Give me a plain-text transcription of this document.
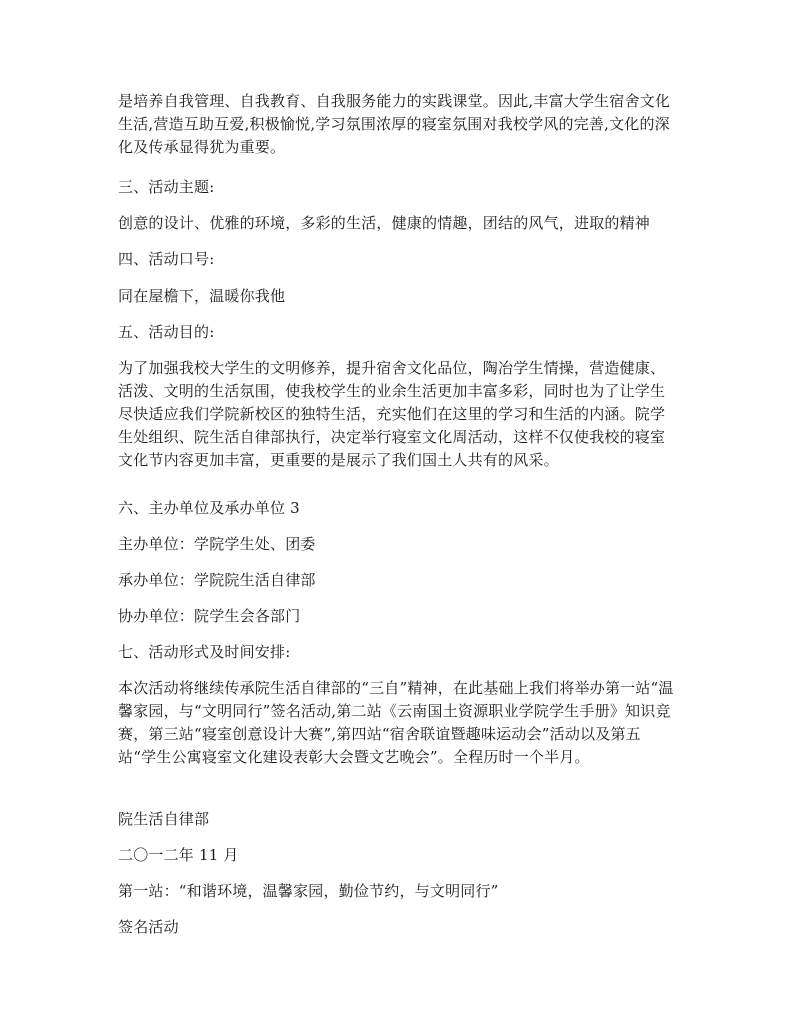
是培养自我管理、自我教育、自我服务能力的实践课堂。因此,丰富大学生宿舍文化生活,营造互助互爱,积极愉悦,学习氛围浓厚的寝室氛围对我校学风的完善,文化的深化及传承显得犹为重要。

三、活动主题:

创意的设计、优雅的环境，多彩的生活，健康的情趣，团结的风气，进取的精神

四、活动口号:

同在屋檐下，温暖你我他

五、活动目的:

为了加强我校大学生的文明修养，提升宿舍文化品位，陶冶学生情操，营造健康、活泼、文明的生活氛围，使我校学生的业余生活更加丰富多彩，同时也为了让学生尽快适应我们学院新校区的独特生活，充实他们在这里的学习和生活的内涵。院学生处组织、院生活自律部执行，决定举行寝室文化周活动，这样不仅使我校的寝室文化节内容更加丰富，更重要的是展示了我们国土人共有的风采。

六、主办单位及承办单位 3

主办单位：学院学生处、团委

承办单位：学院院生活自律部

协办单位：院学生会各部门

七、活动形式及时间安排:

本次活动将继续传承院生活自律部的“三自”精神，在此基础上我们将举办第一站“温馨家园，与“文明同行”签名活动,第二站《云南国土资源职业学院学生手册》知识竞赛，第三站“寝室创意设计大赛”,第四站“宿舍联谊暨趣味运动会”活动以及第五站“学生公寓寝室文化建设表彰大会暨文艺晚会”。全程历时一个半月。

院生活自律部

二〇一二年 11 月

第一站：“和谐环境，温馨家园，勤俭节约，与文明同行”

签名活动
